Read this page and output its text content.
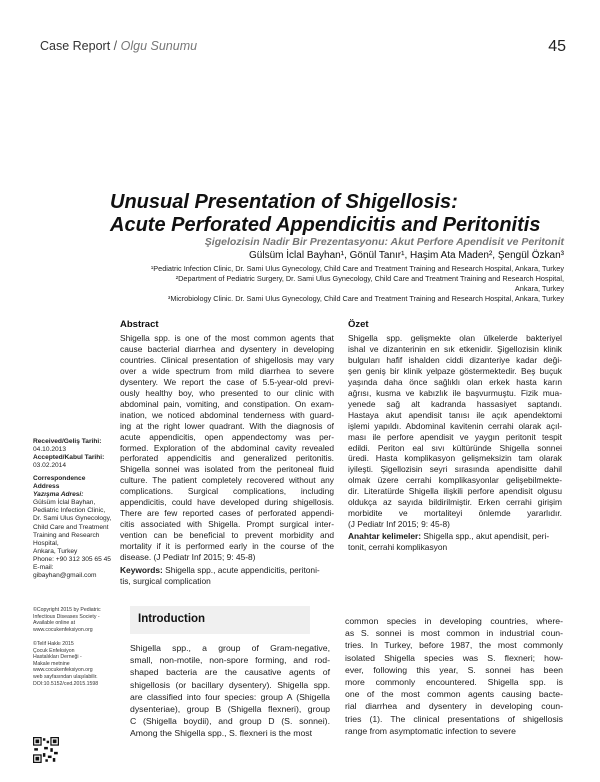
Case Report / Olgu Sunumu	45
Unusual Presentation of Shigellosis:
Acute Perforated Appendicitis and Peritonitis
Şigelozisin Nadir Bir Prezentasyonu: Akut Perfore Apendisit ve Peritonit
Gülsüm İclal Bayhan¹, Gönül Tanır¹, Haşim Ata Maden², Şengül Özkan³
¹Pediatric Infection Clinic, Dr. Sami Ulus Gynecology, Child Care and Treatment Training and Research Hospital, Ankara, Turkey
²Department of Pediatric Surgery, Dr. Sami Ulus Gynecology, Child Care and Treatment Training and Research Hospital,
Ankara, Turkey
³Microbiology Clinic. Dr. Sami Ulus Gynecology, Child Care and Treatment Training and Research Hospital, Ankara, Turkey
Abstract
Shigella spp. is one of the most common agents that
cause bacterial diarrhea and dysentery in developing
countries. Clinical presentation of shigellosis may vary
over a wide spectrum from mild diarrhea to severe
dysentery. We report the case of 5.5-year-old previ-
ously healthy boy, who presented to our clinic with
abdominal pain, vomiting, and constipation. On exam-
ination, we noticed abdominal tenderness with guard-
ing at the right lower quadrant. With the diagnosis of
acute appendicitis, open appendectomy was per-
formed. Exploration of the abdominal cavity revealed
perforated appendicitis and generalized peritonitis.
Shigella sonnei was isolated from the peritoneal fluid
culture. The patient completely recovered without any
complications. Surgical complications, including
appendicitis, could have developed during shigellosis.
There are few reported cases of perforated appendi-
citis associated with Shigella. Prompt surgical inter-
vention can be beneficial to prevent morbidity and
mortality if it is performed early in the course of the
disease. (J Pediatr Inf 2015; 9: 45-8)
Keywords: Shigella spp., acute appendicitis, peritoni-
tis, surgical complication
Özet
Shigella spp. gelişmekte olan ülkelerde bakteriyel
ishal ve dizanterinin en sık etkenidir. Şigellozisin klinik
bulguları hafif ishalden ciddi dizanteriye kadar deği-
şen geniş bir klinik yelpaze göstermektedir. Beş buçuk
yaşında daha önce sağlıklı olan erkek hasta karın
ağrısı, kusma ve kabızlık ile başvurmuştu. Fizik mua-
yenede sağ alt kadranda hassasiyet saptandı.
Hastaya akut apendisit tanısı ile açık apendektomi
işlemi yapıldı. Abdominal kavitenin cerrahi olarak açıl-
ması ile perfore apendisit ve yaygın peritonit tespit
edildi. Periton eal sıvı kültüründe Shigella sonnei
üredi. Hasta komplikasyon gelişmeksizin tam olarak
iyileşti. Şigellozisin seyri sırasında apendisitte dahil
olmak üzere cerrahi komplikasyonlar gelişebilmekte-
dir. Literatürde Shigella ilişkili perfore apendisit olgusu
oldukça az sayıda bildirilmiştir. Erken cerrahi girişim
morbidite ve mortaliteyi önlemde yararlıdır.
(J Pediatr Inf 2015; 9: 45-8)
Anahtar kelimeler: Shigella spp., akut apendisit, peri-
tonit, cerrahi komplikasyon
Received/Geliş Tarihi:
04.10.2013
Accepted/Kabul Tarihi:
03.02.2014
Correspondence
Address
Yazışma Adresi:
Gülsüm İclal Bayhan,
Pediatric Infection Clinic,
Dr. Sami Ulus Gynecology,
Child Care and Treatment
Training and Research
Hospital,
Ankara, Turkey
Phone: +90 312 305 65 45
E-mail:
gibayhan@gmail.com
©Copyright 2015 by Pediatric
Infectious Diseases Society -
Available online at
www.cocukenfeksiyon.org
©Telif Hakkı 2015
Çocuk Enfeksiyon
Hastalıkları Derneği -
Makale metnine
www.cocukenfeksiyon.org
web sayfasından ulaşılabilir.
DOI:10.5152/ced.2015.1598
Introduction
Shigella spp., a group of Gram-negative,
small, non-motile, non-spore forming, and rod-
shaped bacteria are the causative agents of
shigellosis (or bacillary dysentery). Shigella spp.
are classified into four species: group A (Shigella
dysenteriae), group B (Shigella flexneri), group
C (Shigella boydii), and group D (S. sonnei).
Among the Shigella spp., S. flexneri is the most
common species in developing countries, where-
as S. sonnei is most common in industrial coun-
tries. In Turkey, before 1987, the most commonly
isolated Shigella species was S. flexneri; how-
ever, following this year, S. sonnei has been
more commonly encountered. Shigella spp. is
one of the most common agents causing bacte-
rial diarrhea and dysentery in developing coun-
tries (1). The clinical presentations of shigellosis
range from asymptomatic infection to severe
